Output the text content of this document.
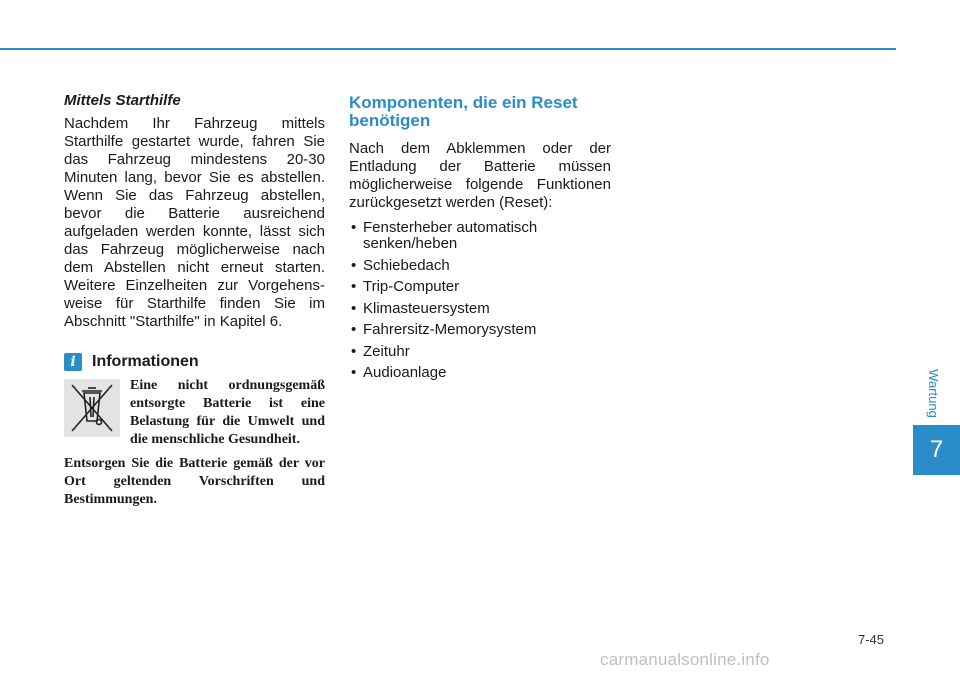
Mittels Starthilfe

Nachdem Ihr Fahrzeug mittels Starthilfe gestartet wurde, fahren Sie das Fahrzeug mindestens 20-30 Minuten lang, bevor Sie es abstellen. Wenn Sie das Fahrzeug abstellen, bevor die Batterie ausreichend aufgeladen werden konnte, lässt sich das Fahrzeug möglicherweise nach dem Abstellen nicht erneut starten. Weitere Einzelheiten zur Vorgehens- weise für Starthilfe finden Sie im Abschnitt "Starthilfe" in Kapitel 6.

i	Informationen

Eine nicht ordnungsgemäß entsorgte Batterie ist eine Belastung für die Umwelt und die menschliche Gesundheit.

Entsorgen Sie die Batterie gemäß der vor Ort geltenden Vorschriften und Bestimmungen.

Komponenten, die ein Reset benötigen

Nach dem Abklemmen oder der Entladung der Batterie müssen möglicherweise folgende Funktionen zurückgesetzt werden (Reset):

• Fensterheber automatisch senken/heben
• Schiebedach
• Trip-Computer
• Klimasteuersystem
• Fahrersitz-Memorysystem
• Zeituhr
• Audioanlage	Wartung
7
7-45
carmanualsonline.info
